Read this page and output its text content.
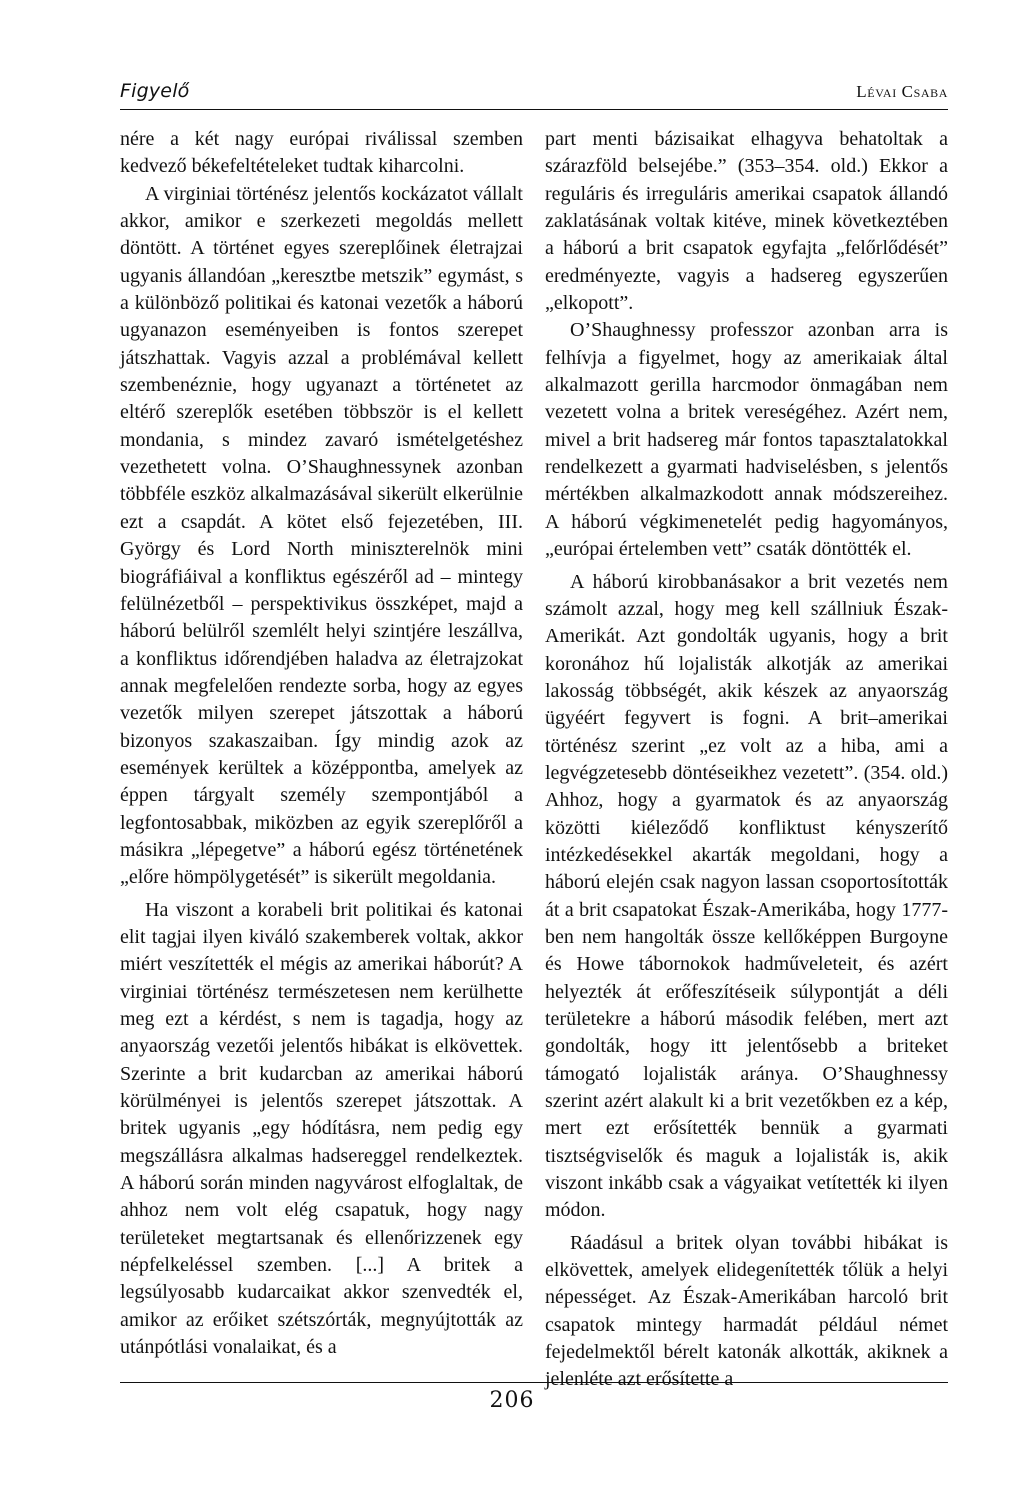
Figyelő	Lévai Csaba

nére a két nagy európai riválissal szemben kedvező békefeltételeket tudtak kiharcolni.

A virginiai történész jelentős kockázatot vállalt akkor, amikor e szerkezeti megoldás mellett döntött. A történet egyes szereplőinek életrajzai ugyanis állandóan „keresztbe metszik” egymást, s a különböző politikai és katonai vezetők a háború ugyanazon eseményeiben is fontos szerepet játszhattak. Vagyis azzal a problémával kellett szembenéznie, hogy ugyanazt a történetet az eltérő szereplők esetében többször is el kellett mondania, s mindez zavaró ismételgetéshez vezethetett volna. O’Shaughnessynek azonban többféle eszköz alkalmazásával sikerült elkerülnie ezt a csapdát. A kötet első fejezetében, III. György és Lord North miniszterelnök mini biográfiáival a konfliktus egészéről ad – mintegy felülnézetből – perspektivikus összképet, majd a háború belülről szemlélt helyi szintjére leszállva, a konfliktus időrendjében haladva az életrajzokat annak megfelelően rendezte sorba, hogy az egyes vezetők milyen szerepet játszottak a háború bizonyos szakaszaiban. Így mindig azok az események kerültek a középpontba, amelyek az éppen tárgyalt személy szempontjából a legfontosabbak, miközben az egyik szereplőről a másikra „lépegetve” a háború egész történetének „előre hömpölygetését” is sikerült megoldania.

Ha viszont a korabeli brit politikai és katonai elit tagjai ilyen kiváló szakemberek voltak, akkor miért veszítették el mégis az amerikai háborút? A virginiai történész természetesen nem kerülhette meg ezt a kérdést, s nem is tagadja, hogy az anyaország vezetői jelentős hibákat is elkövettek. Szerinte a brit kudarcban az amerikai háború körülményei is jelentős szerepet játszottak. A britek ugyanis „egy hódításra, nem pedig egy megszállásra alkalmas hadsereggel rendelkeztek. A háború során minden nagyvárost elfoglaltak, de ahhoz nem volt elég csapatuk, hogy nagy területeket megtartsanak és ellenőrizzenek egy népfelkeléssel szemben. [...] A britek a legsúlyosabb kudarcaikat akkor szenvedték el, amikor az erőiket szétszórták, megnyújtották az utánpótlási vonalaikat, és a

part menti bázisaikat elhagyva behatoltak a szárazföld belsejébe.” (353–354. old.) Ekkor a reguláris és irreguláris amerikai csapatok állandó zaklatásának voltak kitéve, minek következtében a háború a brit csapatok egyfajta „felőrlődését” eredményezte, vagyis a hadsereg egyszerűen „elkopott”.

O’Shaughnessy professzor azonban arra is felhívja a figyelmet, hogy az amerikaiak által alkalmazott gerilla harcmodor önmagában nem vezetett volna a britek vereségéhez. Azért nem, mivel a brit hadsereg már fontos tapasztalatokkal rendelkezett a gyarmati hadviselésben, s jelentős mértékben alkalmazkodott annak módszereihez. A háború végkimenetelét pedig hagyományos, „európai értelemben vett” csaták döntötték el.

A háború kirobbanásakor a brit vezetés nem számolt azzal, hogy meg kell szállniuk Észak-Amerikát. Azt gondolták ugyanis, hogy a brit koronához hű lojalisták alkotják az amerikai lakosság többségét, akik készek az anyaország ügyéért fegyvert is fogni. A brit–amerikai történész szerint „ez volt az a hiba, ami a legvégzetesebb döntéseikhez vezetett”. (354. old.) Ahhoz, hogy a gyarmatok és az anyaország közötti kiéleződő konfliktust kényszerítő intézkedésekkel akarták megoldani, hogy a háború elején csak nagyon lassan csoportosították át a brit csapatokat Észak-Amerikába, hogy 1777-ben nem hangolták össze kellőképpen Burgoyne és Howe tábornokok hadműveleteit, és azért helyezték át erőfeszítéseik súlypontját a déli területekre a háború második felében, mert azt gondolták, hogy itt jelentősebb a briteket támogató lojalisták aránya. O’Shaughnessy szerint azért alakult ki a brit vezetőkben ez a kép, mert ezt erősítették bennük a gyarmati tisztségviselők és maguk a lojalisták is, akik viszont inkább csak a vágyaikat vetítették ki ilyen módon.

Ráadásul a britek olyan további hibákat is elkövettek, amelyek elidegenítették tőlük a helyi népességet. Az Észak-Amerikában harcoló brit csapatok mintegy harmadát például német fejedelmektől bérelt katonák alkották, akiknek a jelenléte azt erősítette a

206
